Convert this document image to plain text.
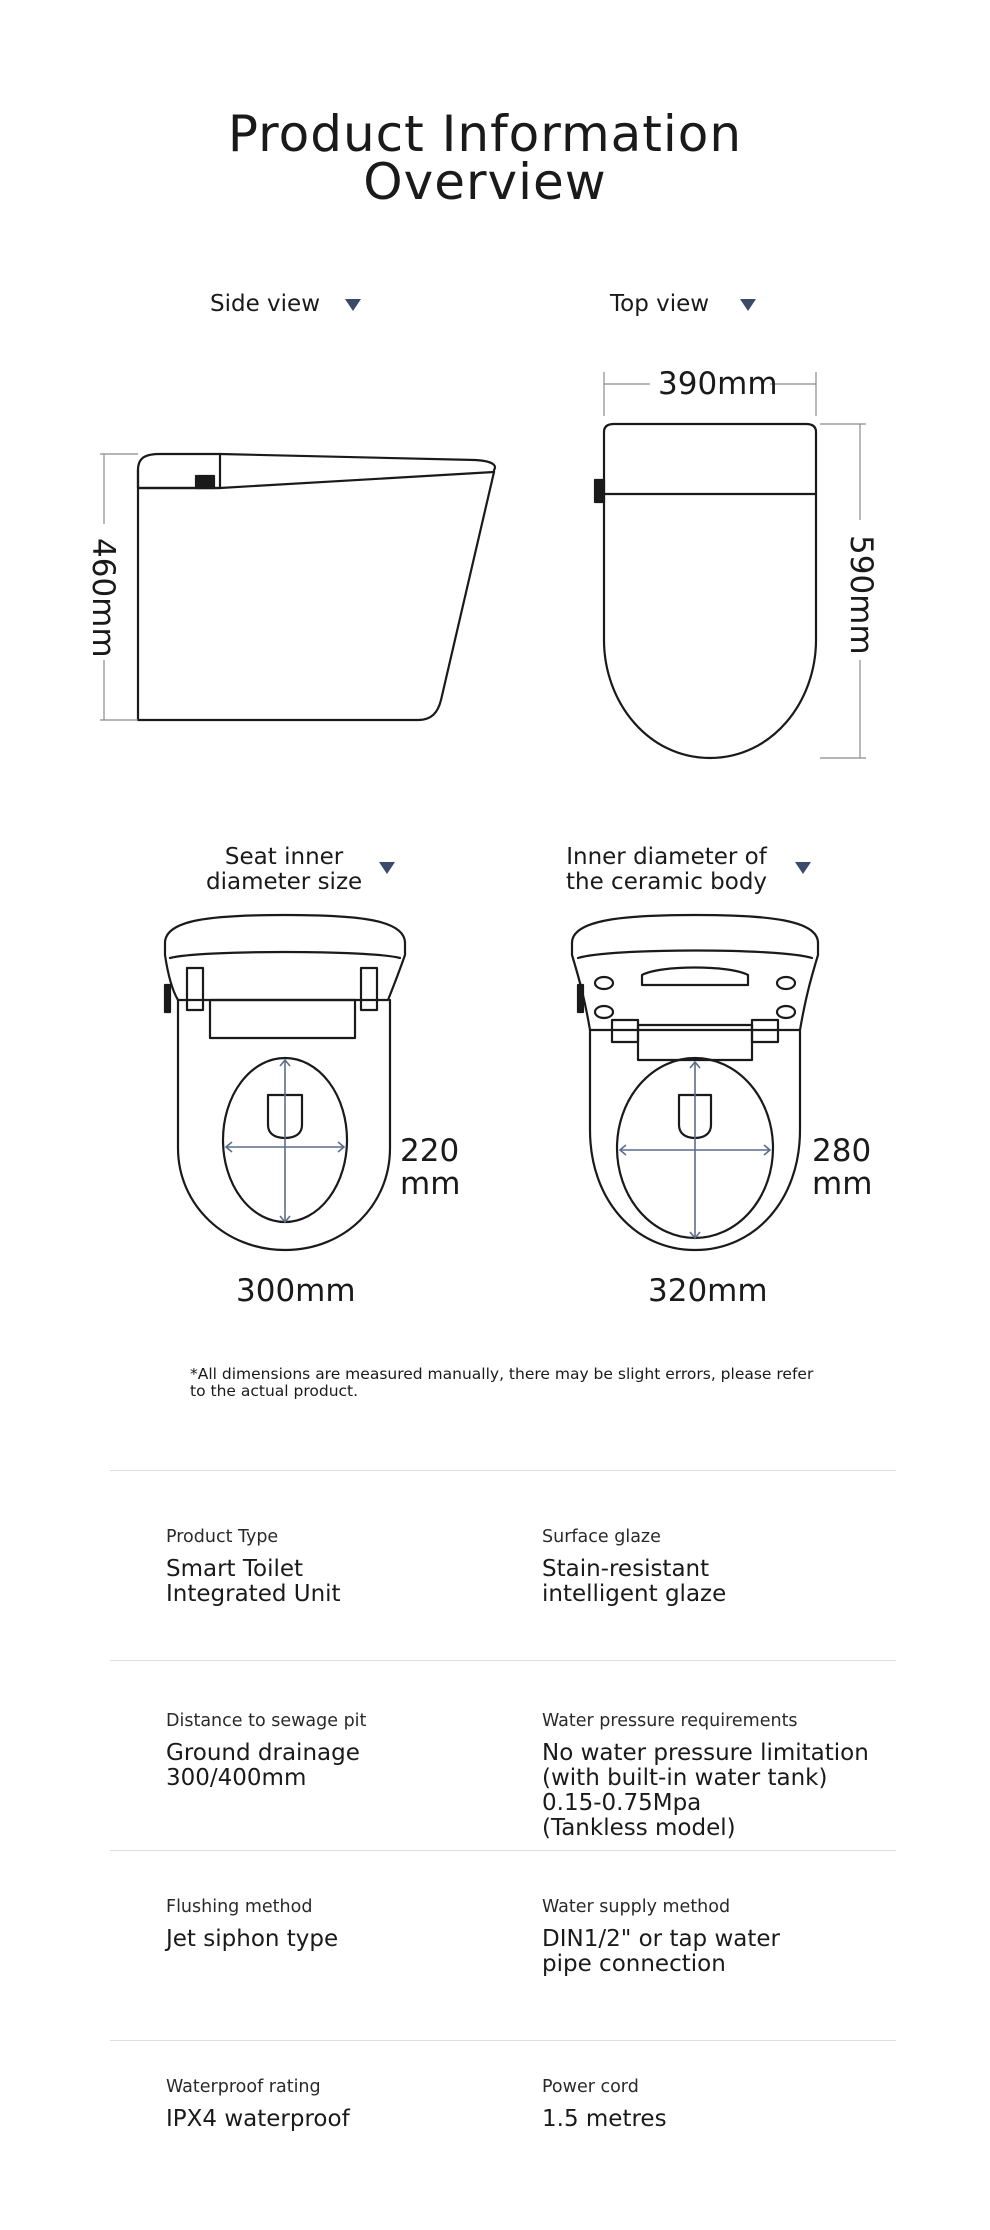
Product Information
Overview
Side view	Top view
Seat inner
diameter size
Inner diameter of
the ceramic body
460mm
390mm
590mm
220
mm
300mm
280
mm
320mm
*All dimensions are measured manually, there may be slight errors, please refer to the actual product.
Product Type
Smart Toilet
Integrated Unit
Surface glaze
Stain-resistant
intelligent glaze
Distance to sewage pit
Ground drainage
300/400mm
Water pressure requirements
No water pressure limitation
(with built-in water tank)
0.15-0.75Mpa
(Tankless model)
Flushing method
Jet siphon type
Water supply method
DIN1/2" or tap water
pipe connection
Waterproof rating
IPX4 waterproof
Power cord
1.5 metres
